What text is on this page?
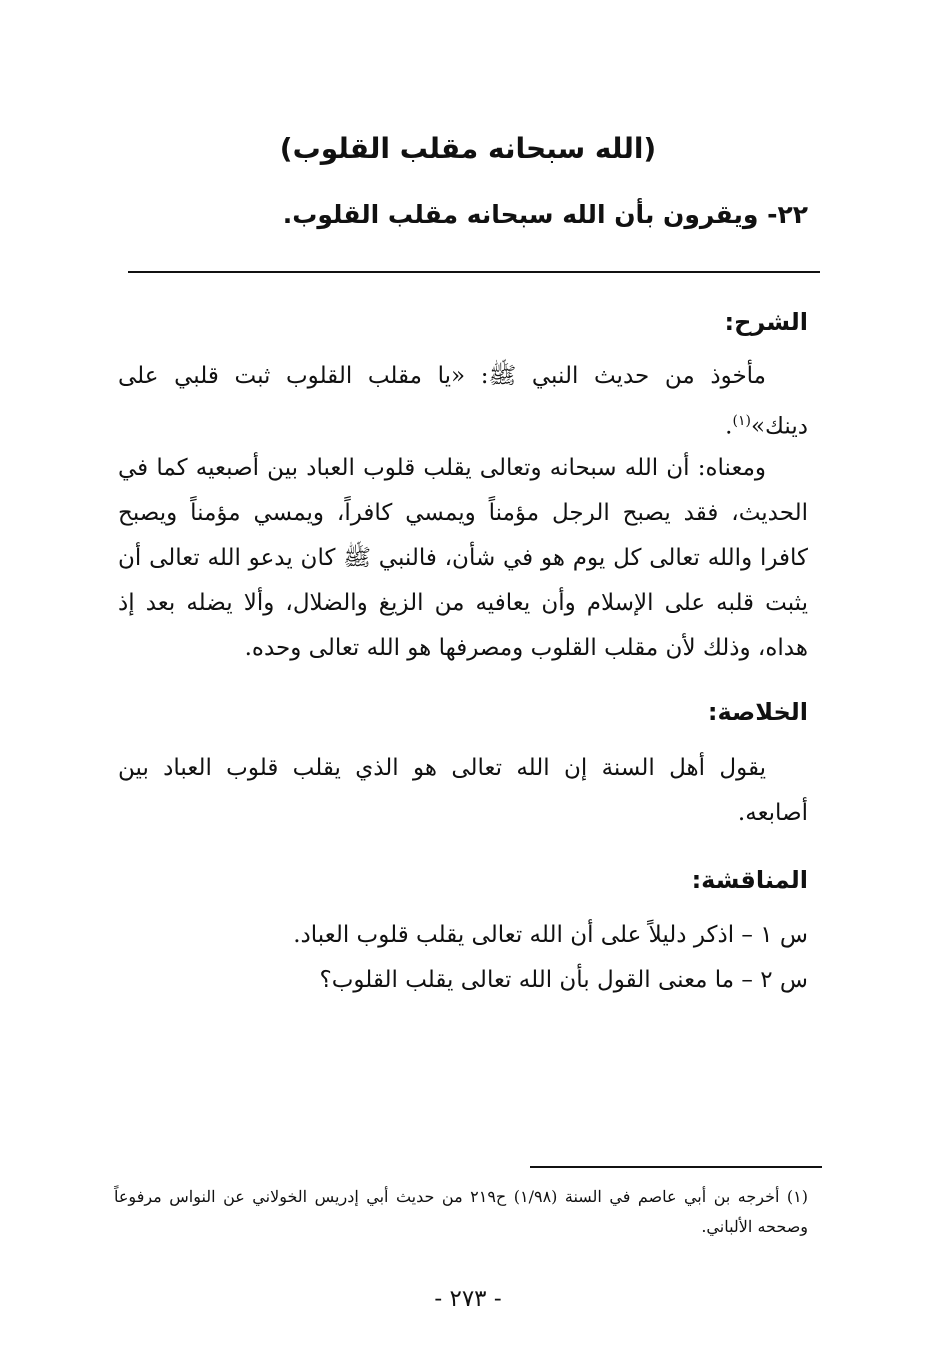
(الله سبحانه مقلب القلوب)
٢٢- ويقرون بأن الله سبحانه مقلب القلوب.
الشرح:
مأخوذ من حديث النبي ﷺ: «يا مقلب القلوب ثبت قلبي على دينك»$^{(١)}$.
ومعناه: أن الله سبحانه وتعالى يقلب قلوب العباد بين أصبعيه كما في الحديث، فقد يصبح الرجل مؤمناً ويمسي كافراً، ويمسي مؤمناً ويصبح كافرا والله تعالى كل يوم هو في شأن، فالنبي ﷺ كان يدعو الله تعالى أن يثبت قلبه على الإسلام وأن يعافيه من الزيغ والضلال، وألا يضله بعد إذ هداه، وذلك لأن مقلب القلوب ومصرفها هو الله تعالى وحده.
الخلاصة:
يقول أهل السنة إن الله تعالى هو الذي يقلب قلوب العباد بين أصابعه.
المناقشة:
س ١ – اذكر دليلاً على أن الله تعالى يقلب قلوب العباد.
س ٢ – ما معنى القول بأن الله تعالى يقلب القلوب؟
(١) أخرجه بن أبي عاصم في السنة (١/٩٨) ح٢١٩ من حديث أبي إدريس الخولاني عن النواس مرفوعاً وصححه الألباني.
- ٢٧٣ -
